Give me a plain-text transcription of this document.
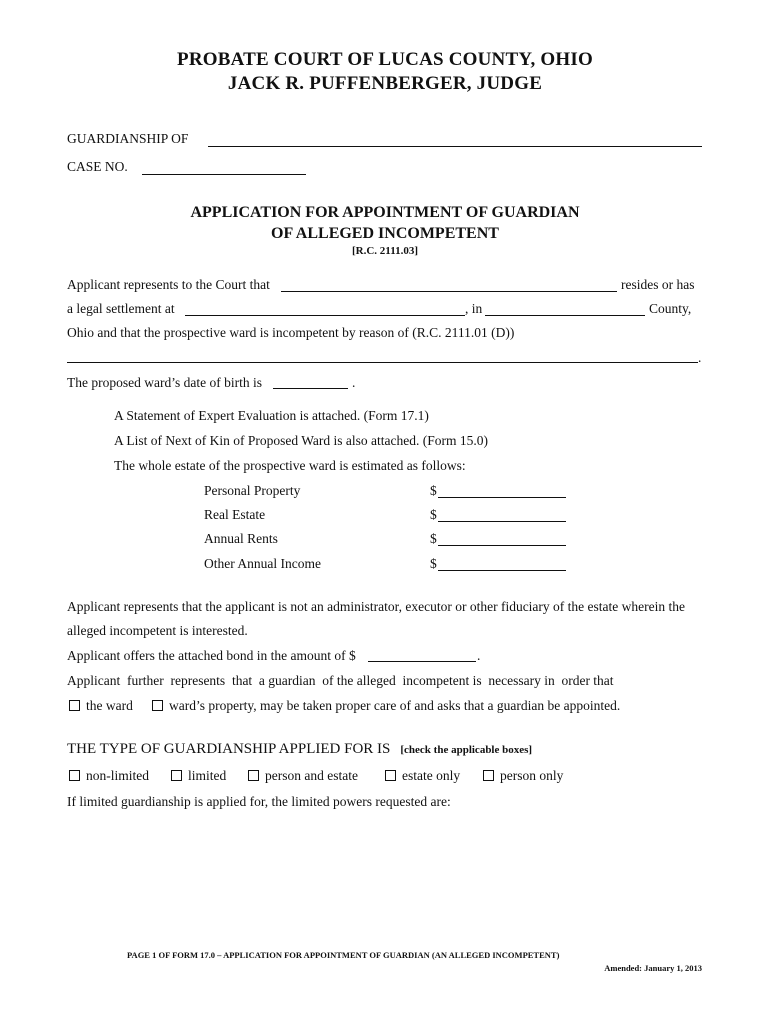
PROBATE COURT OF LUCAS COUNTY, OHIO
JACK R. PUFFENBERGER, JUDGE
GUARDIANSHIP OF
CASE NO.
APPLICATION FOR APPOINTMENT OF GUARDIAN
OF ALLEGED INCOMPETENT
[R.C. 2111.03]
Applicant represents to the Court that	resides or has
a legal settlement at	, in	County,
Ohio and that the prospective ward is incompetent by reason of (R.C. 2111.01 (D))
.
The proposed ward’s date of birth is	.
A Statement of Expert Evaluation is attached. (Form 17.1)
A List of Next of Kin of Proposed Ward is also attached. (Form 15.0)
The whole estate of the prospective ward is estimated as follows:
Personal Property	$
Real Estate	$
Annual Rents	$
Other Annual Income	$
Applicant represents that the applicant is not an administrator, executor or other fiduciary of the estate wherein the
alleged incompetent is interested.
Applicant offers the attached bond in the amount of $	.
Applicant  further  represents  that  a guardian  of the alleged  incompetent is  necessary in  order that
the ward	ward’s property, may be taken proper care of and asks that a guardian be appointed.
THE TYPE OF GUARDIANSHIP APPLIED FOR IS [check the applicable boxes]
non-limited	limited	person and estate	estate only	person only
If limited guardianship is applied for, the limited powers requested are:
PAGE 1 OF FORM 17.0 – APPLICATION FOR APPOINTMENT OF GUARDIAN (AN ALLEGED INCOMPETENT)
Amended: January 1, 2013
